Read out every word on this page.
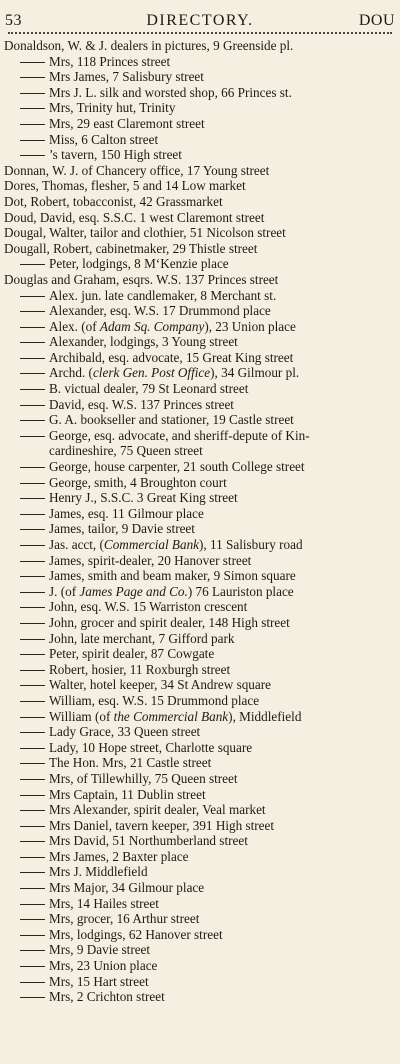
53	DIRECTORY.	DOU
Donaldson, W. & J. dealers in pictures, 9 Greenside pl.
Mrs, 118 Princes street
Mrs James, 7 Salisbury street
Mrs J. L. silk and worsted shop, 66 Princes st.
Mrs, Trinity hut, Trinity
Mrs, 29 east Claremont street
Miss, 6 Calton street
’s tavern, 150 High street
Donnan, W. J. of Chancery office, 17 Young street
Dores, Thomas, flesher, 5 and 14 Low market
Dot, Robert, tobacconist, 42 Grassmarket
Doud, David, esq. S.S.C. 1 west Claremont street
Dougal, Walter, tailor and clothier, 51 Nicolson street
Dougall, Robert, cabinetmaker, 29 Thistle street
Peter, lodgings, 8 M‘Kenzie place
Douglas and Graham, esqrs. W.S. 137 Princes street
Alex. jun. late candlemaker, 8 Merchant st.
Alexander, esq. W.S. 17 Drummond place
Alex. (of Adam Sq. Company), 23 Union place
Alexander, lodgings, 3 Young street
Archibald, esq. advocate, 15 Great King street
Archd. (clerk Gen. Post Office), 34 Gilmour pl.
B. victual dealer, 79 St Leonard street
David, esq. W.S. 137 Princes street
G. A. bookseller and stationer, 19 Castle street
George, esq. advocate, and sheriff-depute of Kin-
cardineshire, 75 Queen street
George, house carpenter, 21 south College street
George, smith, 4 Broughton court
Henry J., S.S.C. 3 Great King street
James, esq. 11 Gilmour place
James, tailor, 9 Davie street
Jas. acct, (Commercial Bank), 11 Salisbury road
James, spirit-dealer, 20 Hanover street
James, smith and beam maker, 9 Simon square
J. (of James Page and Co.) 76 Lauriston place
John, esq. W.S. 15 Warriston crescent
John, grocer and spirit dealer, 148 High street
John, late merchant, 7 Gifford park
Peter, spirit dealer, 87 Cowgate
Robert, hosier, 11 Roxburgh street
Walter, hotel keeper, 34 St Andrew square
William, esq. W.S. 15 Drummond place
William (of the Commercial Bank), Middlefield
Lady Grace, 33 Queen street
Lady, 10 Hope street, Charlotte square
The Hon. Mrs, 21 Castle street
Mrs, of Tillewhilly, 75 Queen street
Mrs Captain, 11 Dublin street
Mrs Alexander, spirit dealer, Veal market
Mrs Daniel, tavern keeper, 391 High street
Mrs David, 51 Northumberland street
Mrs James, 2 Baxter place
Mrs J. Middlefield
Mrs Major, 34 Gilmour place
Mrs, 14 Hailes street
Mrs, grocer, 16 Arthur street
Mrs, lodgings, 62 Hanover street
Mrs, 9 Davie street
Mrs, 23 Union place
Mrs, 15 Hart street
Mrs, 2 Crichton street
